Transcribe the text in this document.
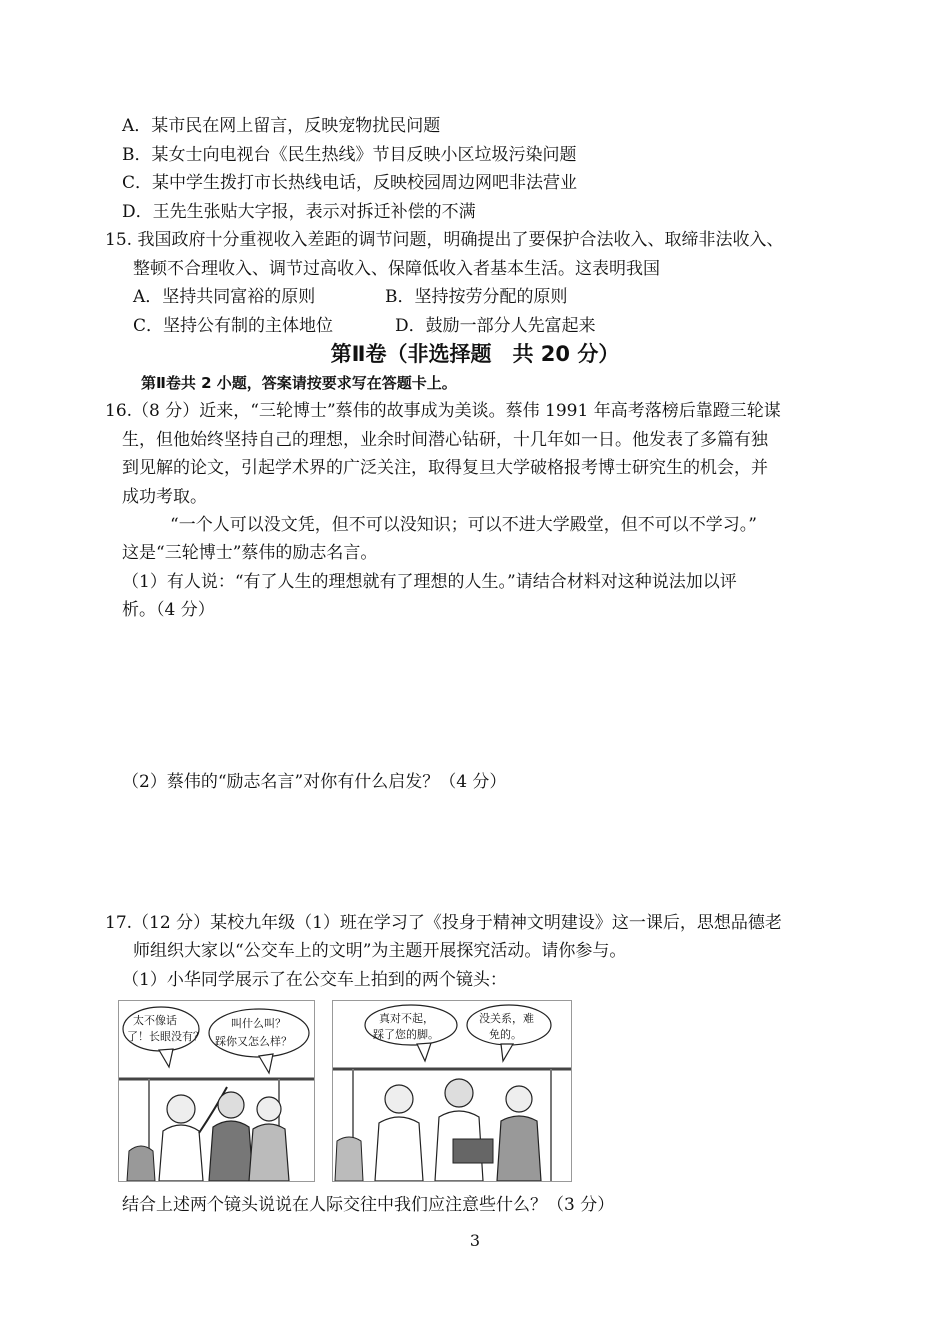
A．某市民在网上留言，反映宠物扰民问题
B．某女士向电视台《民生热线》节目反映小区垃圾污染问题
C．某中学生拨打市长热线电话，反映校园周边网吧非法营业
D．王先生张贴大字报，表示对拆迁补偿的不满
15. 我国政府十分重视收入差距的调节问题，明确提出了要保护合法收入、取缔非法收入、
整顿不合理收入、调节过高收入、保障低收入者基本生活。这表明我国
A．坚持共同富裕的原则	B．坚持按劳分配的原则
C．坚持公有制的主体地位	D．鼓励一部分人先富起来
第Ⅱ卷（非选择题　共 20 分）
第Ⅱ卷共 2 小题，答案请按要求写在答题卡上。
16.（8 分）近来，“三轮博士”蔡伟的故事成为美谈。蔡伟 1991 年高考落榜后靠蹬三轮谋
生，但他始终坚持自己的理想，业余时间潜心钻研，十几年如一日。他发表了多篇有独
到见解的论文，引起学术界的广泛关注，取得复旦大学破格报考博士研究生的机会，并
成功考取。
“一个人可以没文凭，但不可以没知识；可以不进大学殿堂，但不可以不学习。”
这是“三轮博士”蔡伟的励志名言。
（1）有人说：“有了人生的理想就有了理想的人生。”请结合材料对这种说法加以评
析。（4 分）
（2）蔡伟的“励志名言”对你有什么启发？（4 分）
17.（12 分）某校九年级（1）班在学习了《投身于精神文明建设》这一课后，思想品德老
师组织大家以“公交车上的文明”为主题开展探究活动。请你参与。
（1）小华同学展示了在公交车上拍到的两个镜头：
太不像话
了！长眼没有？
叫什么叫？
踩你又怎么样？
真对不起，
踩了您的脚。
没关系，难
免的。
结合上述两个镜头说说在人际交往中我们应注意些什么？（3 分）
3
